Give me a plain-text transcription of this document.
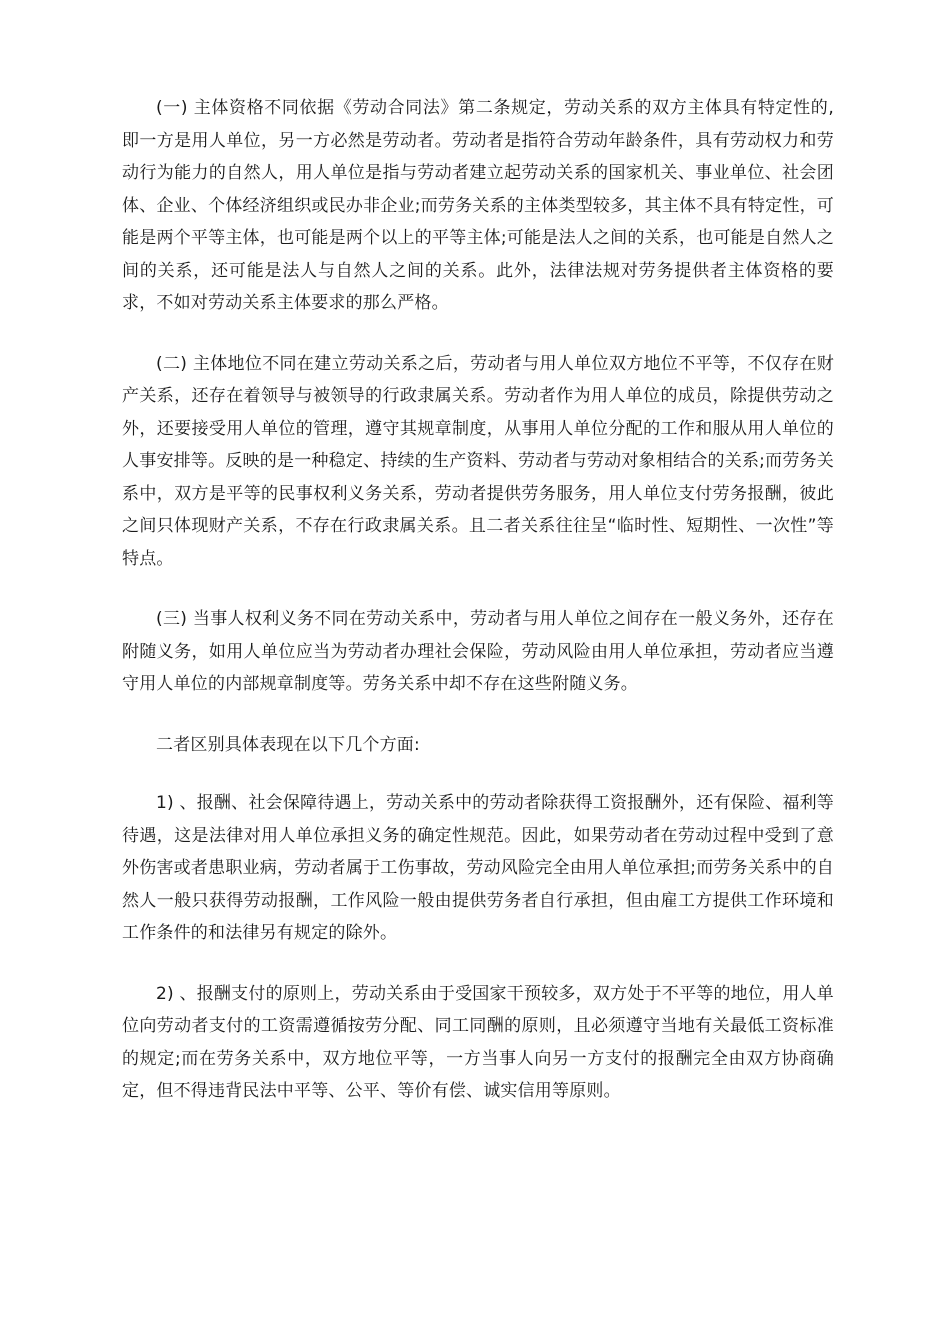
(一) 主体资格不同依据《劳动合同法》第二条规定，劳动关系的双方主体具有特定性的, 即一方是用人单位，另一方必然是劳动者。劳动者是指符合劳动年龄条件，具有劳动权力和劳动行为能力的自然人，用人单位是指与劳动者建立起劳动关系的国家机关、事业单位、社会团体、企业、个体经济组织或民办非企业;而劳务关系的主体类型较多，其主体不具有特定性，可能是两个平等主体，也可能是两个以上的平等主体;可能是法人之间的关系，也可能是自然人之间的关系，还可能是法人与自然人之间的关系。此外，法律法规对劳务提供者主体资格的要求，不如对劳动关系主体要求的那么严格。

(二) 主体地位不同在建立劳动关系之后，劳动者与用人单位双方地位不平等，不仅存在财产关系，还存在着领导与被领导的行政隶属关系。劳动者作为用人单位的成员，除提供劳动之外，还要接受用人单位的管理，遵守其规章制度，从事用人单位分配的工作和服从用人单位的人事安排等。反映的是一种稳定、持续的生产资料、劳动者与劳动对象相结合的关系;而劳务关系中，双方是平等的民事权利义务关系，劳动者提供劳务服务，用人单位支付劳务报酬，彼此之间只体现财产关系，不存在行政隶属关系。且二者关系往往呈“临时性、短期性、一次性”等特点。

(三) 当事人权利义务不同在劳动关系中，劳动者与用人单位之间存在一般义务外，还存在附随义务，如用人单位应当为劳动者办理社会保险，劳动风险由用人单位承担，劳动者应当遵守用人单位的内部规章制度等。劳务关系中却不存在这些附随义务。

二者区别具体表现在以下几个方面:

1) 、报酬、社会保障待遇上，劳动关系中的劳动者除获得工资报酬外，还有保险、福利等待遇，这是法律对用人单位承担义务的确定性规范。因此，如果劳动者在劳动过程中受到了意外伤害或者患职业病，劳动者属于工伤事故，劳动风险完全由用人单位承担;而劳务关系中的自然人一般只获得劳动报酬，工作风险一般由提供劳务者自行承担，但由雇工方提供工作环境和工作条件的和法律另有规定的除外。

2) 、报酬支付的原则上，劳动关系由于受国家干预较多，双方处于不平等的地位，用人单位向劳动者支付的工资需遵循按劳分配、同工同酬的原则，且必须遵守当地有关最低工资标准的规定;而在劳务关系中，双方地位平等，一方当事人向另一方支付的报酬完全由双方协商确定，但不得违背民法中平等、公平、等价有偿、诚实信用等原则。
